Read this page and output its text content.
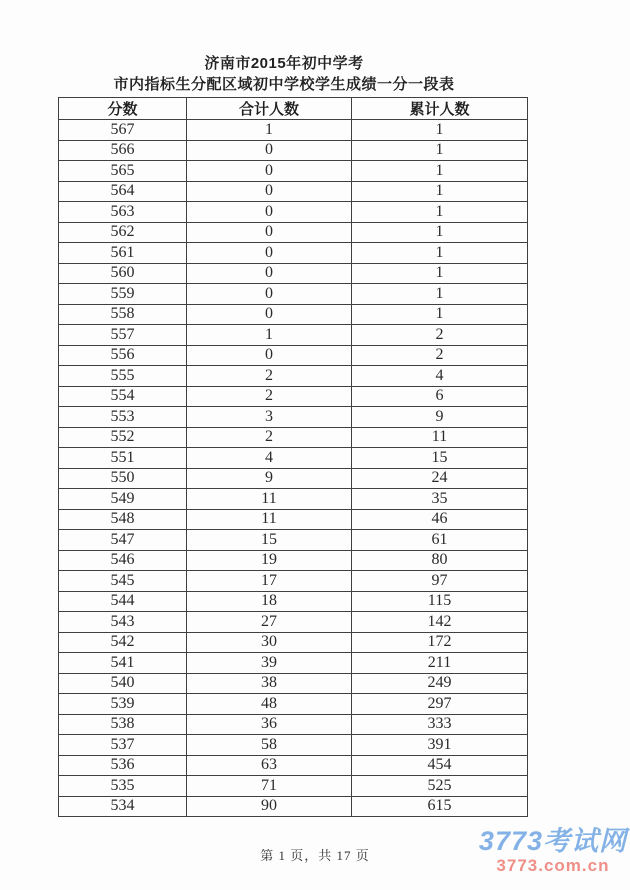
济南市2015年初中学考
市内指标生分配区域初中学校学生成绩一分一段表
分数	合计人数	累计人数
567	1	1
566	0	1
565	0	1
564	0	1
563	0	1
562	0	1
561	0	1
560	0	1
559	0	1
558	0	1
557	1	2
556	0	2
555	2	4
554	2	6
553	3	9
552	2	11
551	4	15
550	9	24
549	11	35
548	11	46
547	15	61
546	19	80
545	17	97
544	18	115
543	27	142
542	30	172
541	39	211
540	38	249
539	48	297
538	36	333
537	58	391
536	63	454
535	71	525
534	90	615
第 1 页，共 17 页	3773考试网
3773.com.cn
